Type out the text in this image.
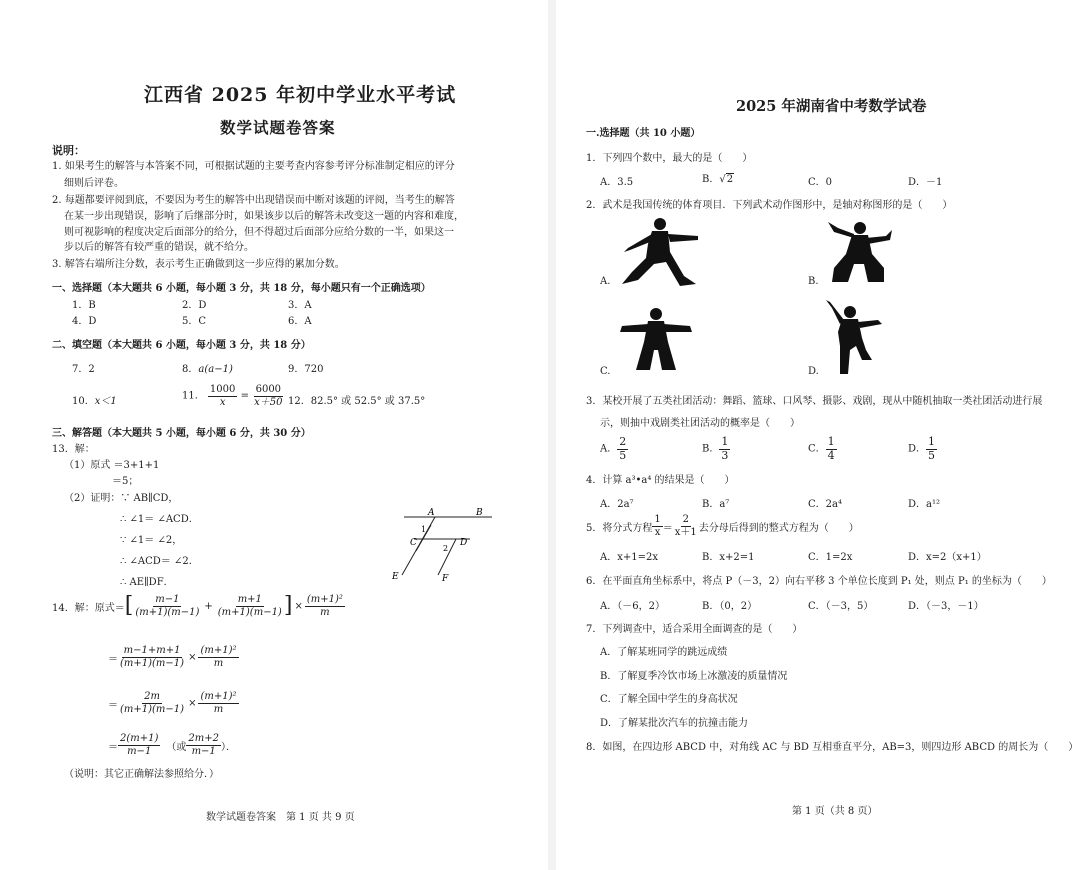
江西省 2025 年初中学业水平考试
数学试题卷答案
说明：
1. 如果考生的解答与本答案不同，可根据试题的主要考查内容参考评分标准制定相应的评分
细则后评卷。
2. 每题都要评阅到底，不要因为考生的解答中出现错误而中断对该题的评阅，当考生的解答
在某一步出现错误，影响了后继部分时，如果该步以后的解答未改变这一题的内容和难度，
则可视影响的程度决定后面部分的给分，但不得超过后面部分应给分数的一半，如果这一
步以后的解答有较严重的错误，就不给分。
3. 解答右端所注分数，表示考生正确做到这一步应得的累加分数。
一、选择题（本大题共 6 小题，每小题 3 分，共 18 分，每小题只有一个正确选项）
1．B	2．D	3．A
4．D	5．C	6．A
二、填空题（本大题共 6 小题，每小题 3 分，共 18 分）
7．2	8．a(a−1)	9．720
10．x＜1	11． $\frac{1000}{x} = \frac{6000}{x+50} 12$．82.5° 或 52.5° 或 37.5°
三、解答题（本大题共 5 小题，每小题 6 分，共 30 分）
13．解：
（1）原式 ＝3+1+1
＝5；
（2）证明：∵ AB∥CD，
∴ ∠1＝ ∠ACD．
∵ ∠1＝ ∠2，
∴ ∠ACD＝ ∠2．
∴ AE∥DF．
A	B
C	D
E	F
1
2
14．解：原式＝ [ $\frac{m-1}{(m+1)(m-1)} + \frac{m+1}{(m+1)(m-1)}$ ] × $\frac{\text{(m+1)²}}{m}$
＝ $\frac{m-1+m+1}{(m+1)(m-1)} \times \frac{\text{(m+1)²}}{m}$
＝ $\frac{2m}{(m+1)(m-1)} \times \frac{\text{(m+1)²}}{m}$
＝ $\frac{2(m+1)}{m-1}$ （或 $\frac{2m+2}{m-1}$ ）．
（说明：其它正确解法参照给分．）
数学试题卷答案　第 1 页 共 9 页
2025 年湖南省中考数学试卷
一.选择题（共 10 小题）
1．下列四个数中，最大的是（　　）
A．3.5	B．√2	C．0	D．－1
2．武术是我国传统的体育项目．下列武术动作图形中，是轴对称图形的是（　　）
A.	B.
C.	D.
3．某校开展了五类社团活动：舞蹈、篮球、口风琴、摄影、戏剧，现从中随机抽取一类社团活动进行展
示，则抽中戏剧类社团活动的概率是（　　）
A． $\frac{2}{5}$	B． $\frac{1}{3}$	C． $\frac{1}{4}$	D． $\frac{1}{5}$
4．计算 a³•a⁴ 的结果是（　　）
A．2a⁷	B．a⁷	C．2a⁴	D．a¹²
5．将分式方程 $\frac{1}{x} = \frac{2}{x+1}$ 去分母后得到的整式方程为（　　）
A．x+1=2x	B．x+2=1	C．1=2x	D．x=2（x+1）
6．在平面直角坐标系中，将点 P（－3，2）向右平移 3 个单位长度到 P₁ 处，则点 P₁ 的坐标为（　　）
A．（－6，2）	B．（0，2）	C．（－3，5）	D．（－3，－1）
7．下列调查中，适合采用全面调查的是（　　）
A．了解某班同学的跳远成绩
B．了解夏季冷饮市场上冰激凌的质量情况
C．了解全国中学生的身高状况
D．了解某批次汽车的抗撞击能力
8．如图，在四边形 ABCD 中，对角线 AC 与 BD 互相垂直平分，AB=3，则四边形 ABCD 的周长为（　　）
第 1 页（共 8 页）
